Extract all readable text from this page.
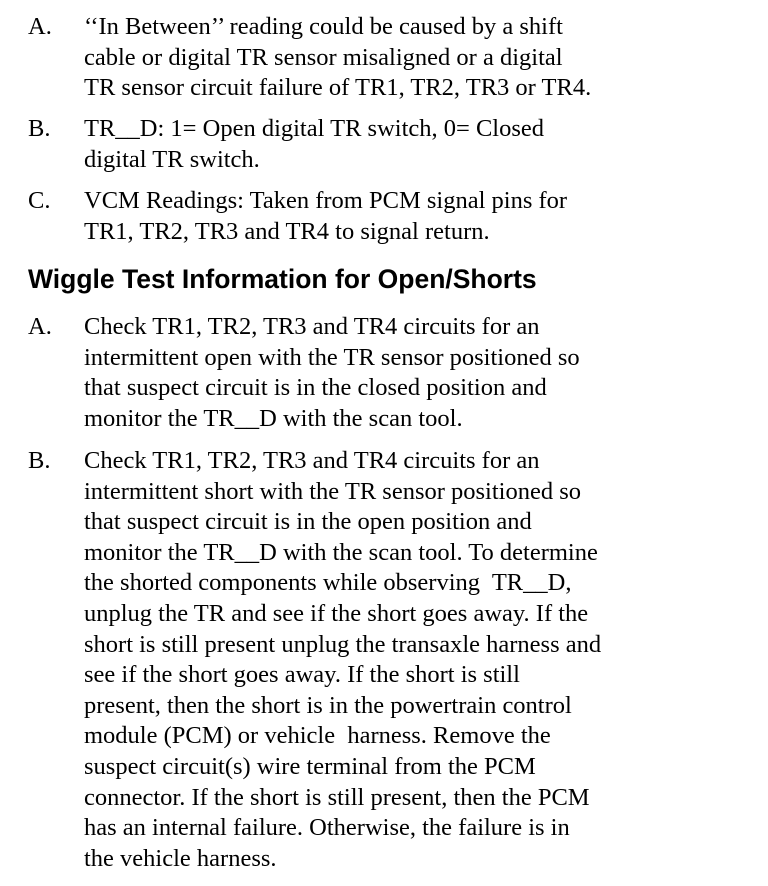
A. ‘‘In Between’’ reading could be caused by a shift
cable or digital TR sensor misaligned or a digital
TR sensor circuit failure of TR1, TR2, TR3 or TR4.
B. TR__D: 1= Open digital TR switch, 0= Closed
digital TR switch.
C. VCM Readings: Taken from PCM signal pins for
TR1, TR2, TR3 and TR4 to signal return.
Wiggle Test Information for Open/Shorts
A. Check TR1, TR2, TR3 and TR4 circuits for an
intermittent open with the TR sensor positioned so
that suspect circuit is in the closed position and
monitor the TR__D with the scan tool.
B. Check TR1, TR2, TR3 and TR4 circuits for an
intermittent short with the TR sensor positioned so
that suspect circuit is in the open position and
monitor the TR__D with the scan tool. To determine
the shorted components while observing  TR__D,
unplug the TR and see if the short goes away. If the
short is still present unplug the transaxle harness and
see if the short goes away. If the short is still
present, then the short is in the powertrain control
module (PCM) or vehicle  harness. Remove the
suspect circuit(s) wire terminal from the PCM
connector. If the short is still present, then the PCM
has an internal failure. Otherwise, the failure is in
the vehicle harness.
